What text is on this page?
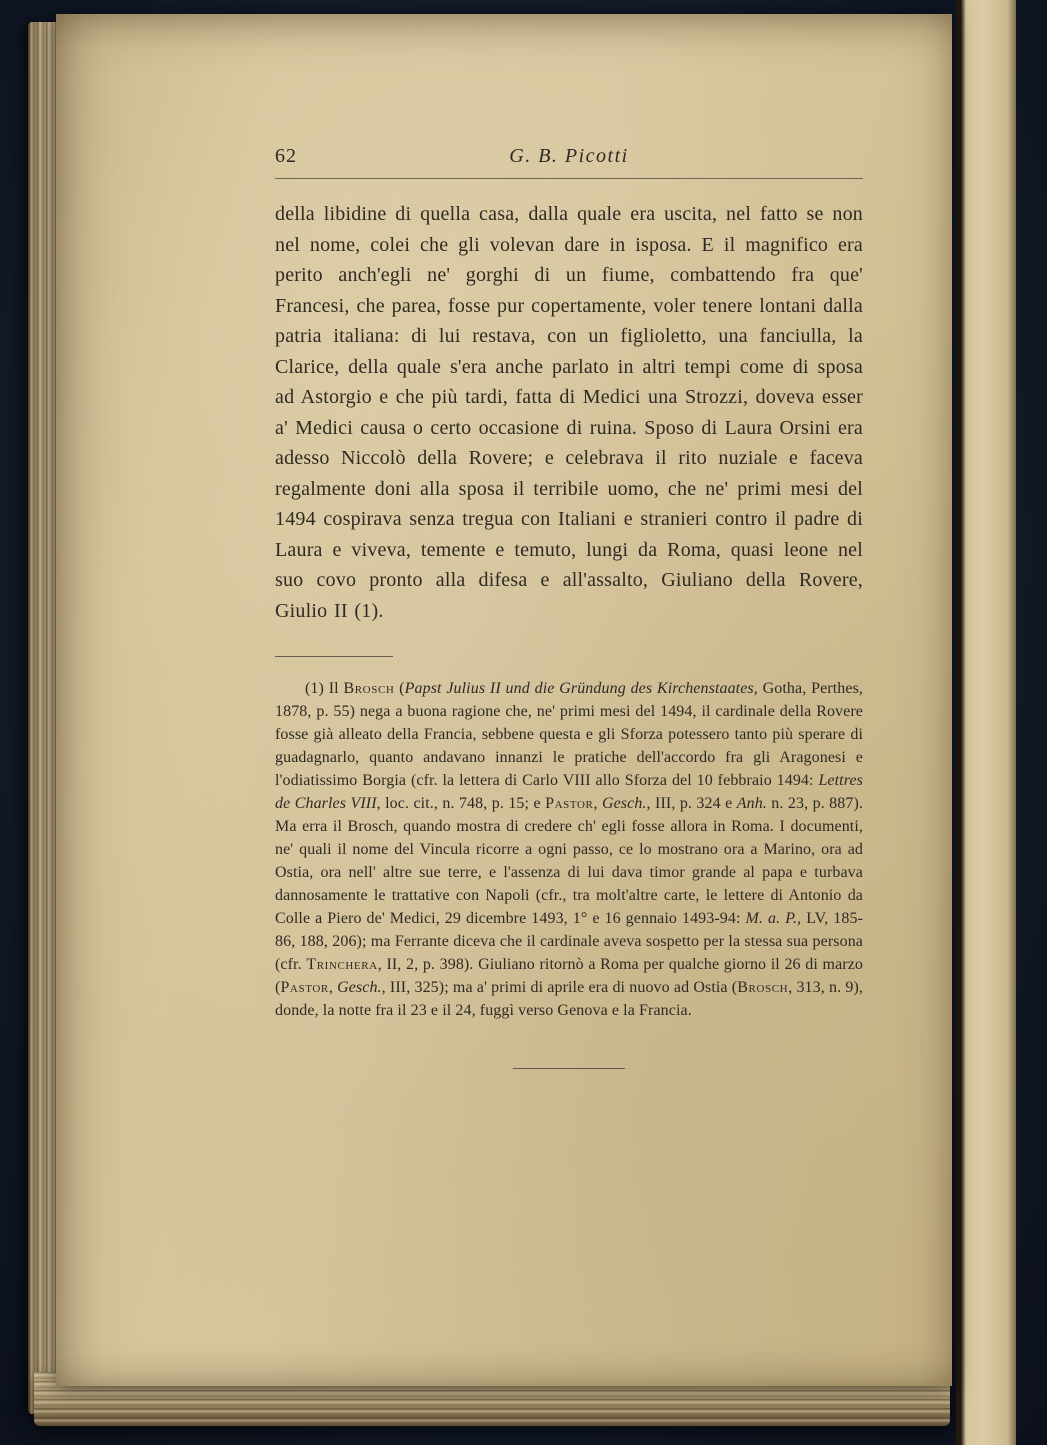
62	G. B. Picotti

della libidine di quella casa, dalla quale era uscita, nel fatto se non nel nome, colei che gli volevan dare in isposa. E il magnifico era perito anch'egli ne' gorghi di un fiume, combattendo fra que' Francesi, che parea, fosse pur copertamente, voler tenere lontani dalla patria italiana: di lui restava, con un figlioletto, una fanciulla, la Clarice, della quale s'era anche parlato in altri tempi come di sposa ad Astorgio e che più tardi, fatta di Medici una Strozzi, doveva esser a' Medici causa o certo occasione di ruina. Sposo di Laura Orsini era adesso Niccolò della Rovere; e celebrava il rito nuziale e faceva regalmente doni alla sposa il terribile uomo, che ne' primi mesi del 1494 cospirava senza tregua con Italiani e stranieri contro il padre di Laura e viveva, temente e temuto, lungi da Roma, quasi leone nel suo covo pronto alla difesa e all'assalto, Giuliano della Rovere, Giulio II (1).

(1) Il Brosch (Papst Julius II und die Gründung des Kirchenstaates, Gotha, Perthes, 1878, p. 55) nega a buona ragione che, ne' primi mesi del 1494, il cardinale della Rovere fosse già alleato della Francia, sebbene questa e gli Sforza potessero tanto più sperare di guadagnarlo, quanto andavano innanzi le pratiche dell'accordo fra gli Aragonesi e l'odiatissimo Borgia (cfr. la lettera di Carlo VIII allo Sforza del 10 febbraio 1494: Lettres de Charles VIII, loc. cit., n. 748, p. 15; e Pastor, Gesch., III, p. 324 e Anh. n. 23, p. 887). Ma erra il Brosch, quando mostra di credere ch' egli fosse allora in Roma. I documenti, ne' quali il nome del Vincula ricorre a ogni passo, ce lo mostrano ora a Marino, ora ad Ostia, ora nell' altre sue terre, e l'assenza di lui dava timor grande al papa e turbava dannosamente le trattative con Napoli (cfr., tra molt'altre carte, le lettere di Antonio da Colle a Piero de' Medici, 29 dicembre 1493, 1° e 16 gennaio 1493-94: M. a. P., LV, 185-86, 188, 206); ma Ferrante diceva che il cardinale aveva sospetto per la stessa sua persona (cfr. Trinchera, II, 2, p. 398). Giuliano ritornò a Roma per qualche giorno il 26 di marzo (Pastor, Gesch., III, 325); ma a' primi di aprile era di nuovo ad Ostia (Brosch, 313, n. 9), donde, la notte fra il 23 e il 24, fuggì verso Genova e la Francia.
